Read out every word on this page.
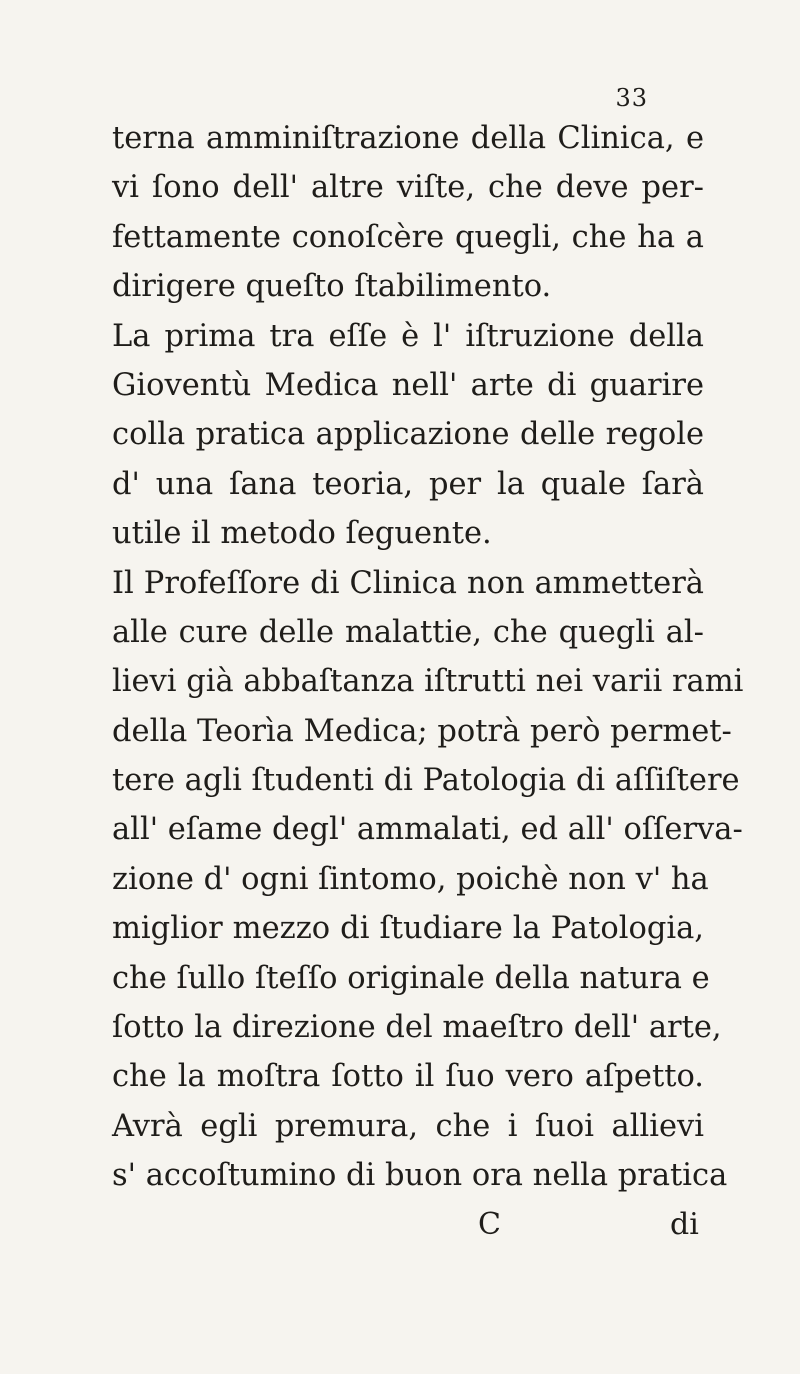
33
terna amminiſtrazione della Clinica, e
vi ſono dell' altre viſte, che deve per-
fettamente conoſcère quegli, che ha a
dirigere queſto ſtabilimento.
La prima tra eſſe è l' iſtruzione della
Gioventù Medica nell' arte di guarire
colla pratica applicazione delle regole
d' una ſana teoria, per la quale ſarà
utile il metodo ſeguente.
Il Profeſſore di Clinica non ammetterà
alle cure delle malattie, che quegli al-
lievi già abbaſtanza iſtrutti nei varii rami
della Teorìa Medica; potrà però permet-
tere agli ſtudenti di Patologia di aſſiſtere
all' eſame degl' ammalati, ed all' oſſerva-
zione d' ogni ſintomo, poichè non v' ha
miglior mezzo di ſtudiare la Patologia,
che ſullo ſteſſo originale della natura e
ſotto la direzione del maeſtro dell' arte,
che la moſtra ſotto il ſuo vero aſpetto.
Avrà egli premura, che i ſuoi allievi
s' accoſtumino di buon ora nella pratica
C	di
